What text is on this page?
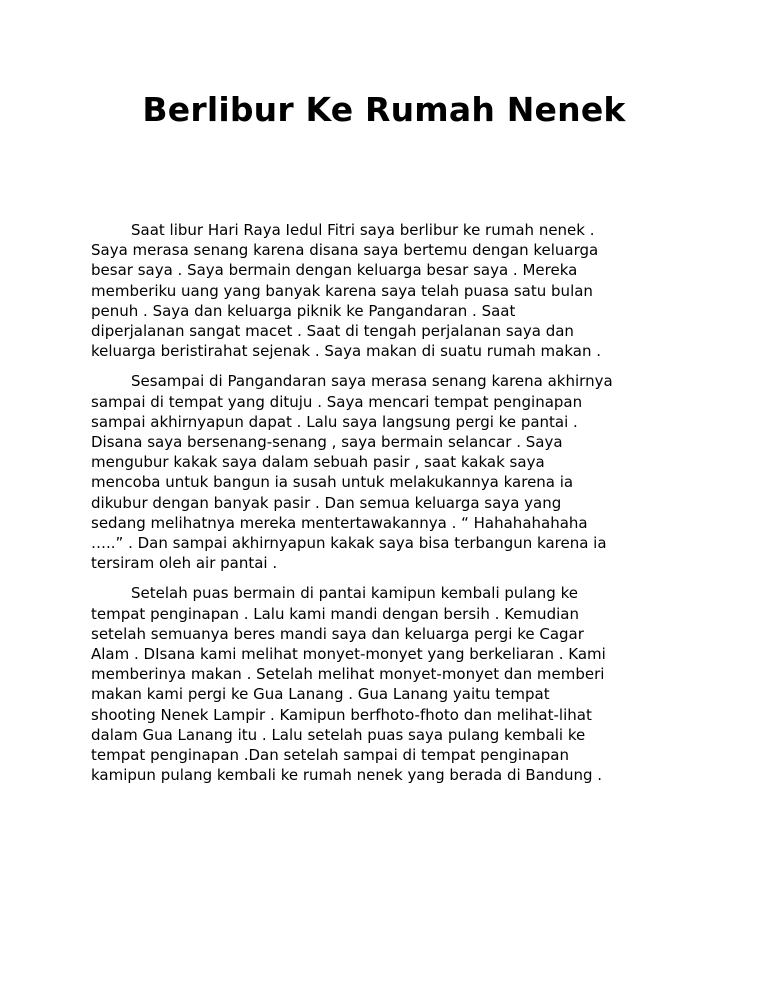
Berlibur Ke Rumah Nenek

Saat libur Hari Raya Iedul Fitri saya berlibur ke rumah nenek .
Saya merasa senang karena disana saya bertemu dengan keluarga
besar saya . Saya bermain dengan keluarga besar saya . Mereka
memberiku uang yang banyak karena saya telah puasa satu bulan
penuh . Saya dan keluarga piknik ke Pangandaran . Saat
diperjalanan sangat macet . Saat di tengah perjalanan saya dan
keluarga beristirahat sejenak . Saya makan di suatu rumah makan .

Sesampai di Pangandaran saya merasa senang karena akhirnya
sampai di tempat yang dituju . Saya mencari tempat penginapan
sampai akhirnyapun dapat . Lalu saya langsung pergi ke pantai .
Disana saya bersenang-senang , saya bermain selancar . Saya
mengubur kakak saya dalam sebuah pasir , saat kakak saya
mencoba untuk bangun ia susah untuk melakukannya karena ia
dikubur dengan banyak pasir . Dan semua keluarga saya yang
sedang melihatnya mereka mentertawakannya . “ Hahahahahaha
…..” . Dan sampai akhirnyapun kakak saya bisa terbangun karena ia
tersiram oleh air pantai .

Setelah puas bermain di pantai kamipun kembali pulang ke
tempat penginapan . Lalu kami mandi dengan bersih . Kemudian
setelah semuanya beres mandi saya dan keluarga pergi ke Cagar
Alam . DIsana kami melihat monyet-monyet yang berkeliaran . Kami
memberinya makan . Setelah melihat monyet-monyet dan memberi
makan kami pergi ke Gua Lanang . Gua Lanang yaitu tempat
shooting Nenek Lampir . Kamipun berfhoto-fhoto dan melihat-lihat
dalam Gua Lanang itu . Lalu setelah puas saya pulang kembali ke
tempat penginapan .Dan setelah sampai di tempat penginapan
kamipun pulang kembali ke rumah nenek yang berada di Bandung .
